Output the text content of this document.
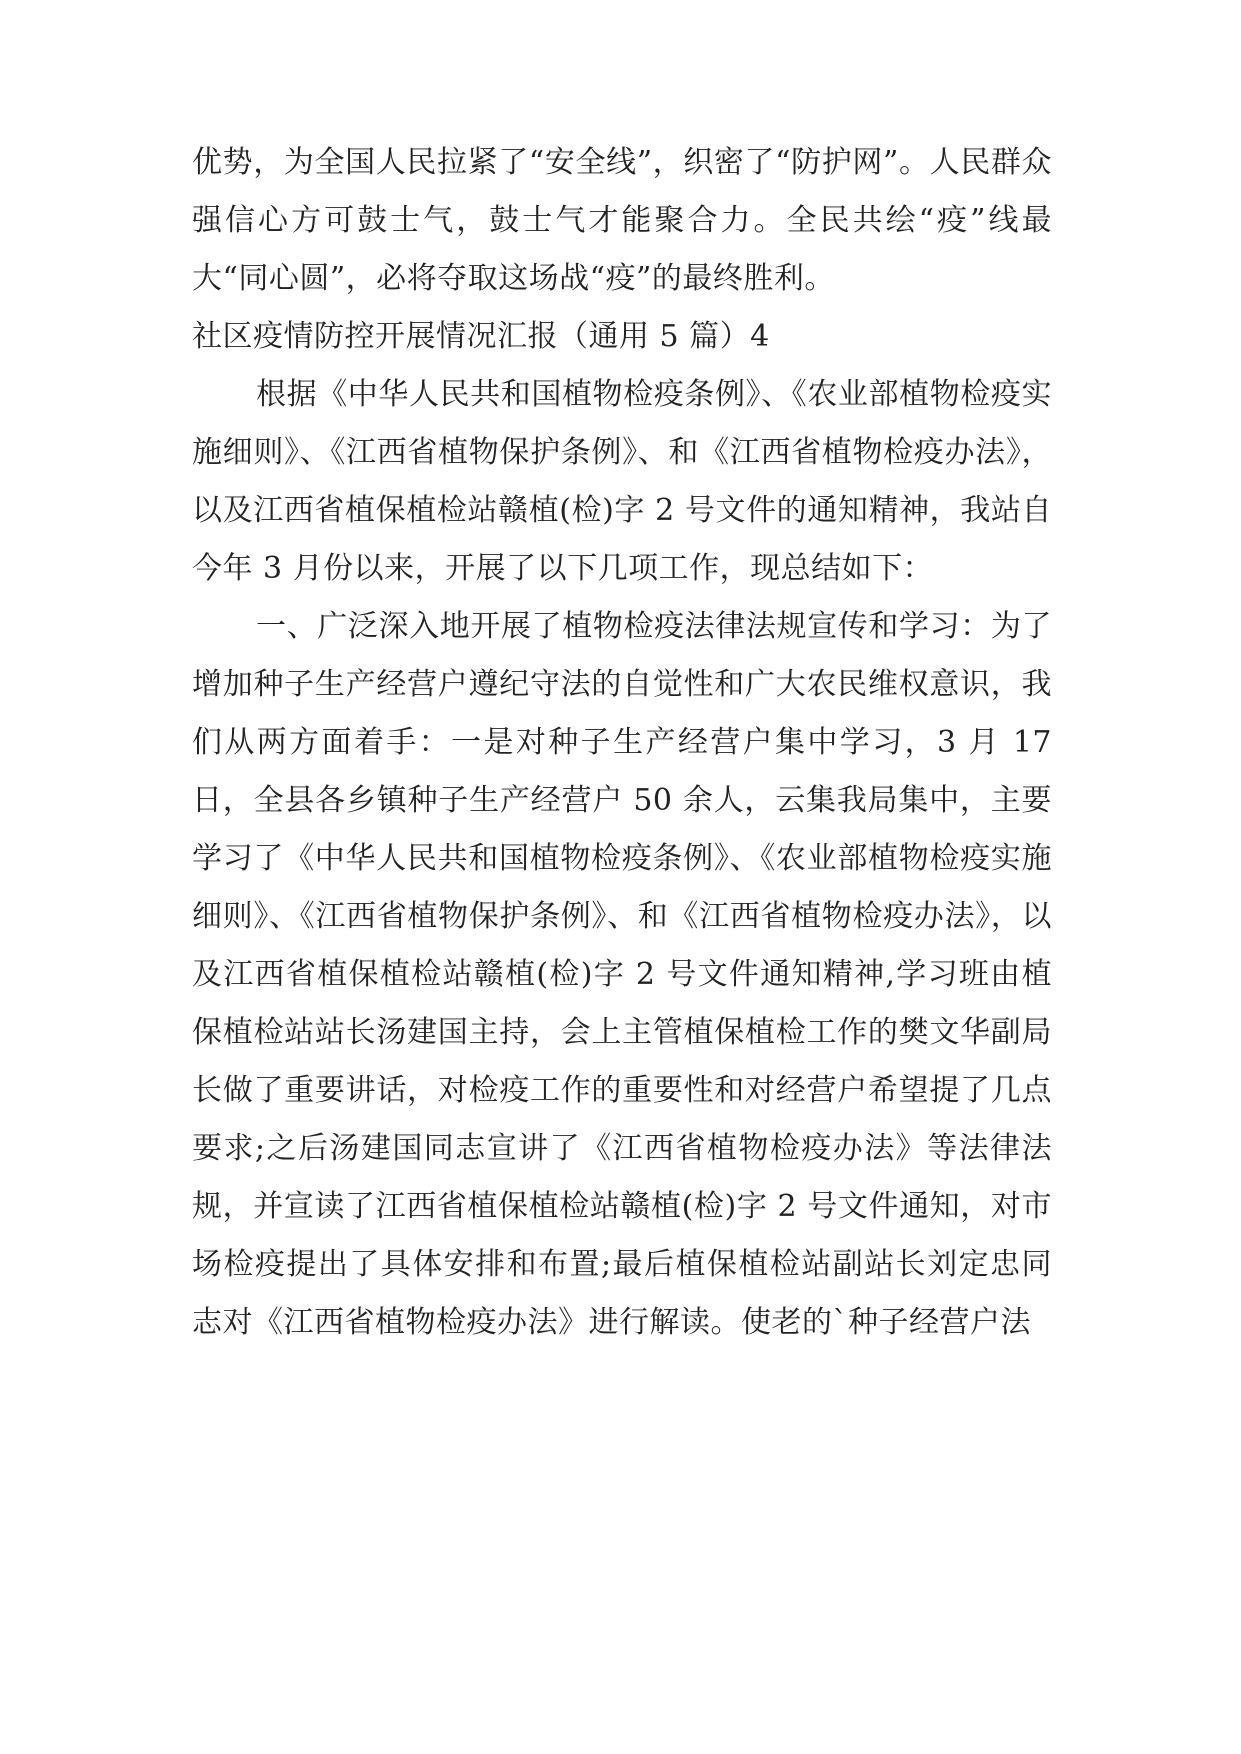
优势，为全国人民拉紧了“安全线”，织密了“防护网”。人民群众强信心方可鼓士气，鼓士气才能聚合力。全民共绘“疫”线最大“同心圆”，必将夺取这场战“疫”的最终胜利。

社区疫情防控开展情况汇报（通用 5 篇）4

根据《中华人民共和国植物检疫条例》、《农业部植物检疫实施细则》、《江西省植物保护条例》、和《江西省植物检疫办法》，以及江西省植保植检站赣植(检)字 2 号文件的通知精神，我站自今年 3 月份以来，开展了以下几项工作，现总结如下：

一、广泛深入地开展了植物检疫法律法规宣传和学习：为了增加种子生产经营户遵纪守法的自觉性和广大农民维权意识，我们从两方面着手：一是对种子生产经营户集中学习，3 月 17 日，全县各乡镇种子生产经营户 50 余人，云集我局集中，主要学习了《中华人民共和国植物检疫条例》、《农业部植物检疫实施细则》、《江西省植物保护条例》、和《江西省植物检疫办法》，以及江西省植保植检站赣植(检)字 2 号文件通知精神,学习班由植保植检站站长汤建国主持，会上主管植保植检工作的樊文华副局长做了重要讲话，对检疫工作的重要性和对经营户希望提了几点要求;之后汤建国同志宣讲了《江西省植物检疫办法》等法律法规，并宣读了江西省植保植检站赣植(检)字 2 号文件通知，对市场检疫提出了具体安排和布置;最后植保植检站副站长刘定忠同志对《江西省植物检疫办法》进行解读。使老的`种子经营户法
